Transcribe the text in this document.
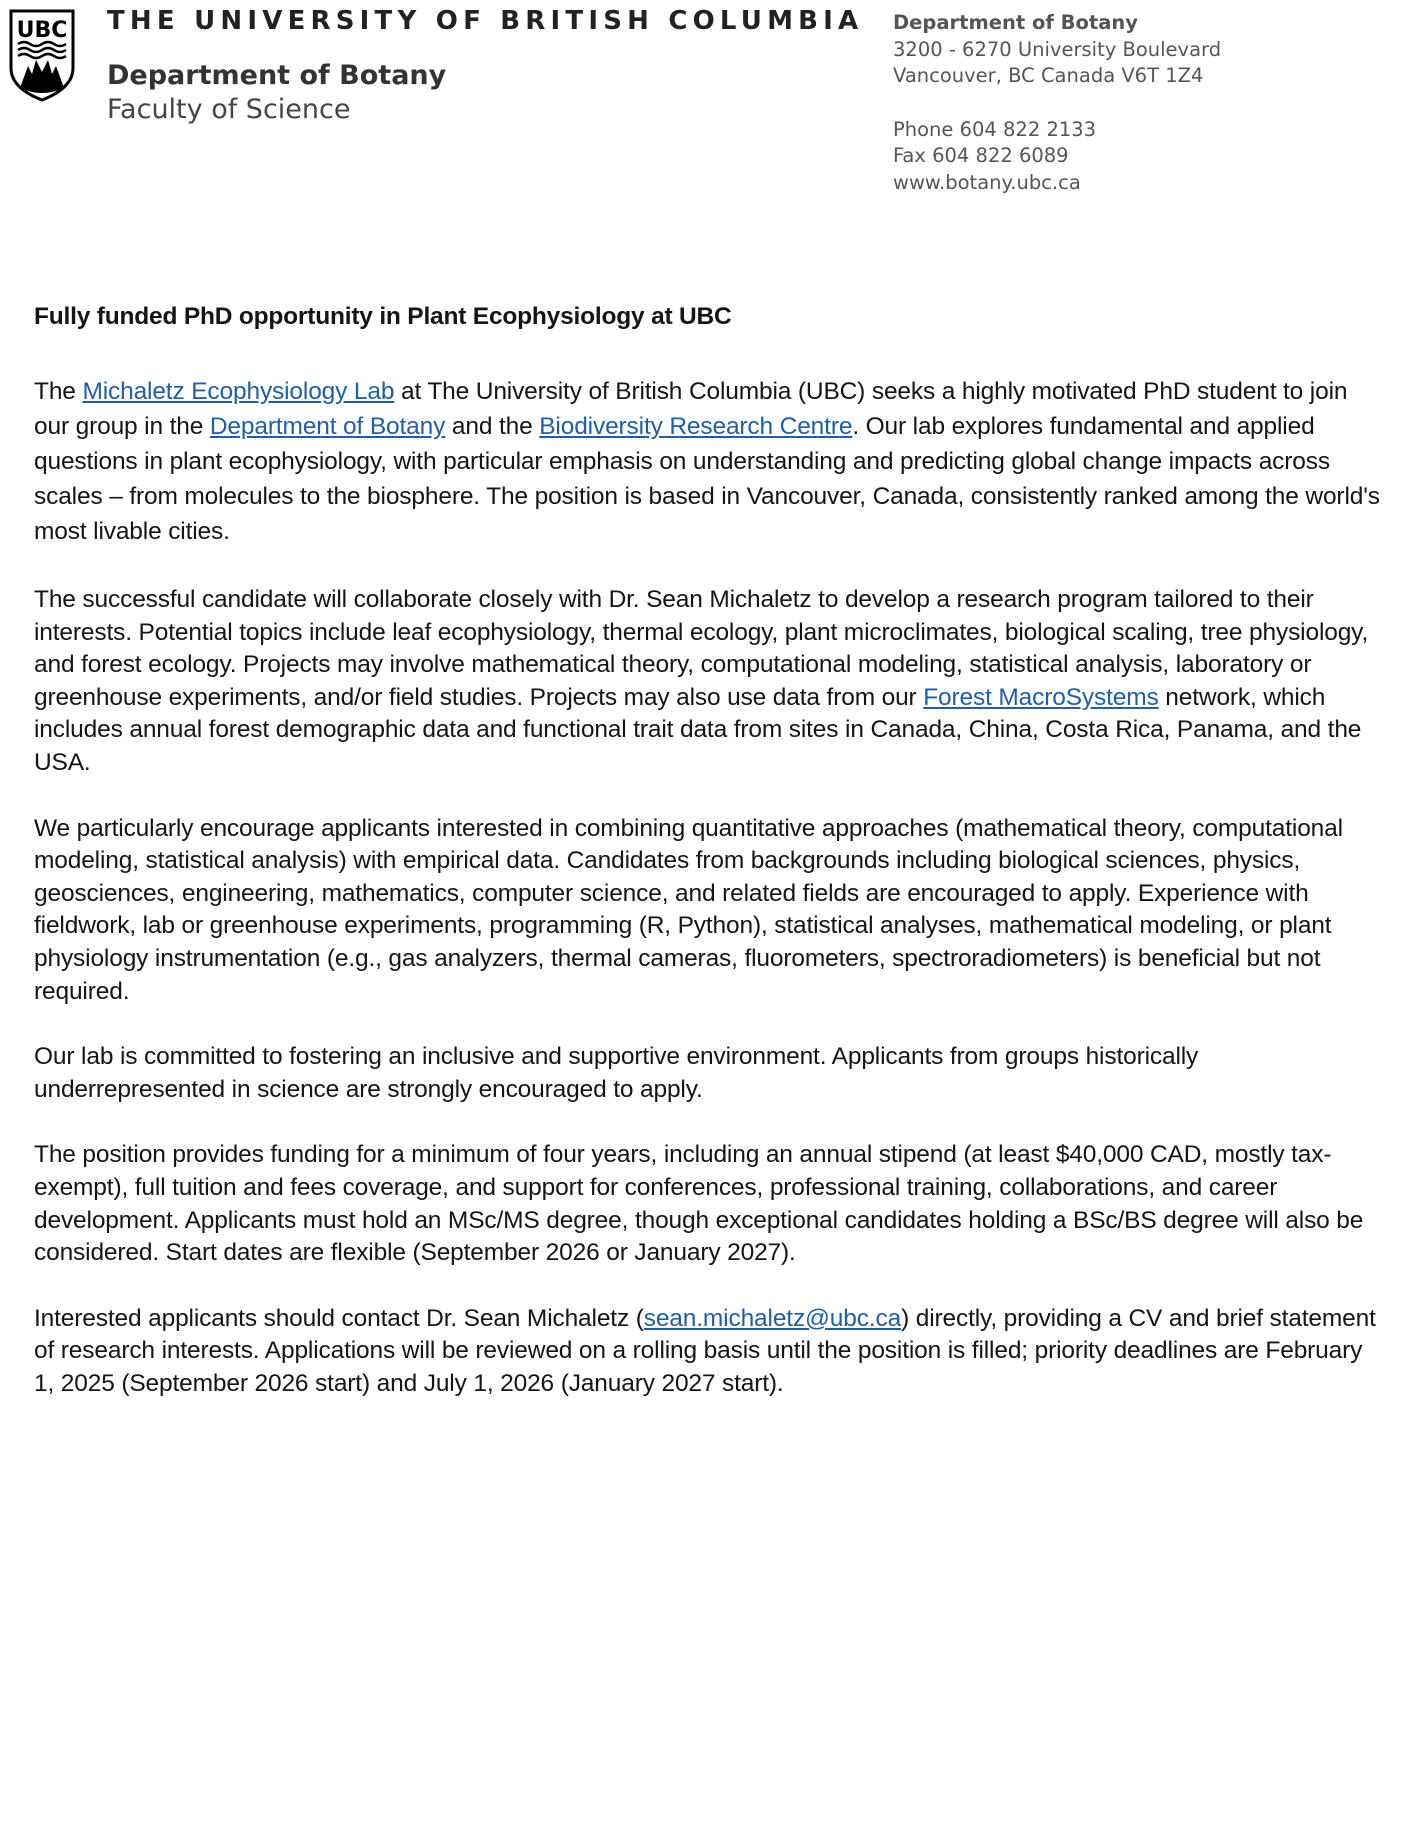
UBC THE UNIVERSITY OF BRITISH COLUMBIA
Department of Botany
Faculty of Science
Department of Botany
3200 - 6270 University Boulevard
Vancouver, BC Canada V6T 1Z4
Phone 604 822 2133
Fax 604 822 6089
www.botany.ubc.ca
Fully funded PhD opportunity in Plant Ecophysiology at UBC

The Michaletz Ecophysiology Lab at The University of British Columbia (UBC) seeks a highly motivated PhD student to join our group in the Department of Botany and the Biodiversity Research Centre. Our lab explores fundamental and applied questions in plant ecophysiology, with particular emphasis on understanding and predicting global change impacts across scales – from molecules to the biosphere. The position is based in Vancouver, Canada, consistently ranked among the world's most livable cities.

The successful candidate will collaborate closely with Dr. Sean Michaletz to develop a research program tailored to their interests. Potential topics include leaf ecophysiology, thermal ecology, plant microclimates, biological scaling, tree physiology, and forest ecology. Projects may involve mathematical theory, computational modeling, statistical analysis, laboratory or greenhouse experiments, and/or field studies. Projects may also use data from our Forest MacroSystems network, which includes annual forest demographic data and functional trait data from sites in Canada, China, Costa Rica, Panama, and the USA.

We particularly encourage applicants interested in combining quantitative approaches (mathematical theory, computational modeling, statistical analysis) with empirical data. Candidates from backgrounds including biological sciences, physics, geosciences, engineering, mathematics, computer science, and related fields are encouraged to apply. Experience with fieldwork, lab or greenhouse experiments, programming (R, Python), statistical analyses, mathematical modeling, or plant physiology instrumentation (e.g., gas analyzers, thermal cameras, fluorometers, spectroradiometers) is beneficial but not required.

Our lab is committed to fostering an inclusive and supportive environment. Applicants from groups historically underrepresented in science are strongly encouraged to apply.

The position provides funding for a minimum of four years, including an annual stipend (at least $40,000 CAD, mostly tax-exempt), full tuition and fees coverage, and support for conferences, professional training, collaborations, and career development. Applicants must hold an MSc/MS degree, though exceptional candidates holding a BSc/BS degree will also be considered. Start dates are flexible (September 2026 or January 2027).

Interested applicants should contact Dr. Sean Michaletz (sean.michaletz@ubc.ca) directly, providing a CV and brief statement of research interests. Applications will be reviewed on a rolling basis until the position is filled; priority deadlines are February 1, 2025 (September 2026 start) and July 1, 2026 (January 2027 start).
